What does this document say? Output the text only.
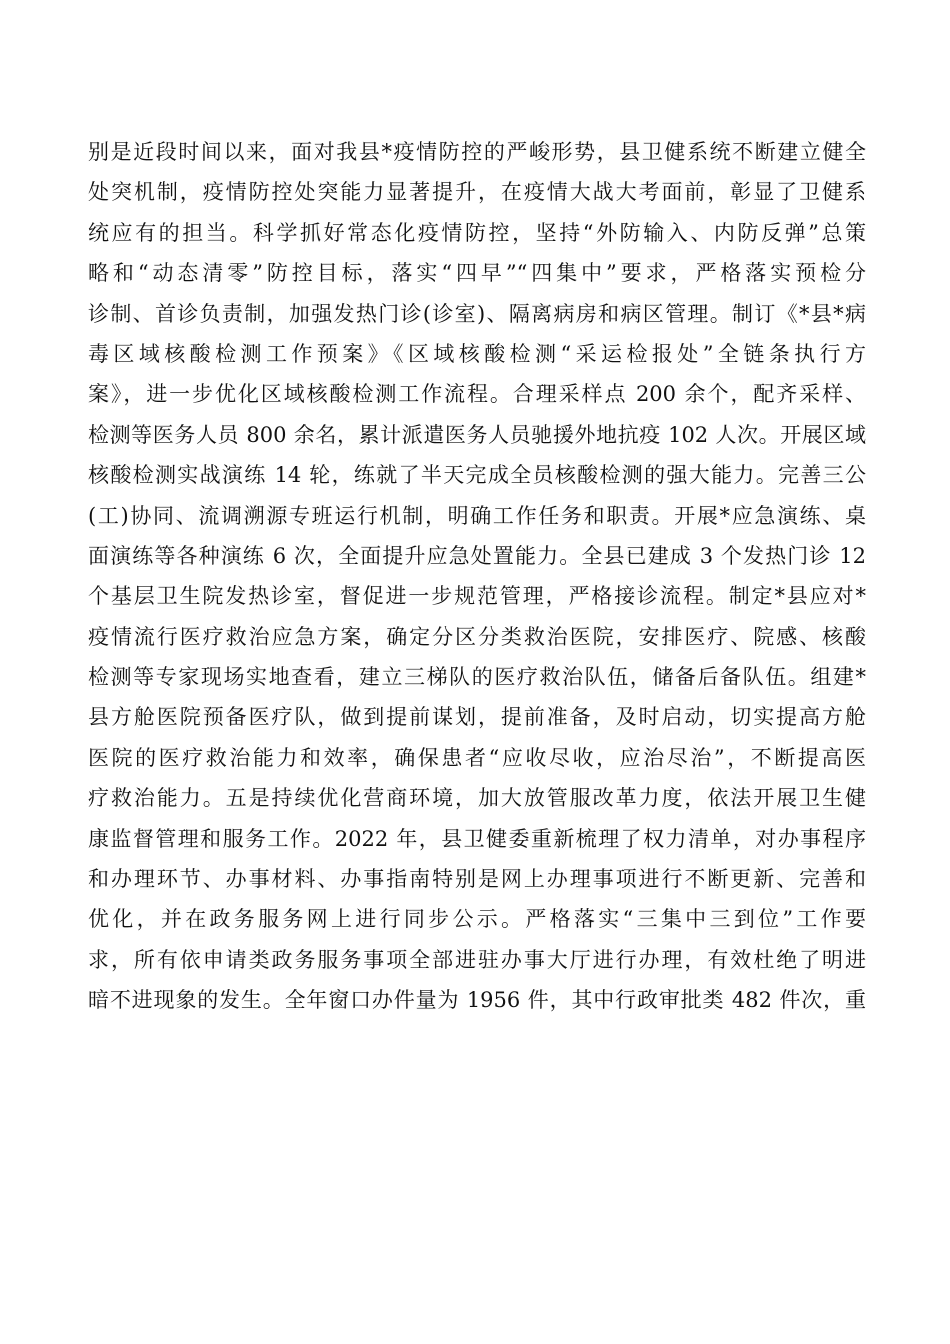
别是近段时间以来，面对我县*疫情防控的严峻形势，县卫健系统不断建立健全
处突机制，疫情防控处突能力显著提升，在疫情大战大考面前，彰显了卫健系
统应有的担当。科学抓好常态化疫情防控，坚持“外防输入、内防反弹”总策
略和“动态清零”防控目标，落实“四早”“四集中”要求，严格落实预检分
诊制、首诊负责制，加强发热门诊(诊室)、隔离病房和病区管理。制订《*县*病
毒区域核酸检测工作预案》《区域核酸检测“采运检报处”全链条执行方
案》，进一步优化区域核酸检测工作流程。合理采样点 200 余个，配齐采样、
检测等医务人员 800 余名，累计派遣医务人员驰援外地抗疫 102 人次。开展区域
核酸检测实战演练 14 轮，练就了半天完成全员核酸检测的强大能力。完善三公
(工)协同、流调溯源专班运行机制，明确工作任务和职责。开展*应急演练、桌
面演练等各种演练 6 次，全面提升应急处置能力。全县已建成 3 个发热门诊 12
个基层卫生院发热诊室，督促进一步规范管理，严格接诊流程。制定*县应对*
疫情流行医疗救治应急方案，确定分区分类救治医院，安排医疗、院感、核酸
检测等专家现场实地查看，建立三梯队的医疗救治队伍，储备后备队伍。组建*
县方舱医院预备医疗队，做到提前谋划，提前准备，及时启动，切实提高方舱
医院的医疗救治能力和效率，确保患者“应收尽收，应治尽治”，不断提高医
疗救治能力。五是持续优化营商环境，加大放管服改革力度，依法开展卫生健
康监督管理和服务工作。2022 年，县卫健委重新梳理了权力清单，对办事程序
和办理环节、办事材料、办事指南特别是网上办理事项进行不断更新、完善和
优化，并在政务服务网上进行同步公示。严格落实“三集中三到位”工作要
求，所有依申请类政务服务事项全部进驻办事大厅进行办理，有效杜绝了明进
暗不进现象的发生。全年窗口办件量为 1956 件，其中行政审批类 482 件次，重
